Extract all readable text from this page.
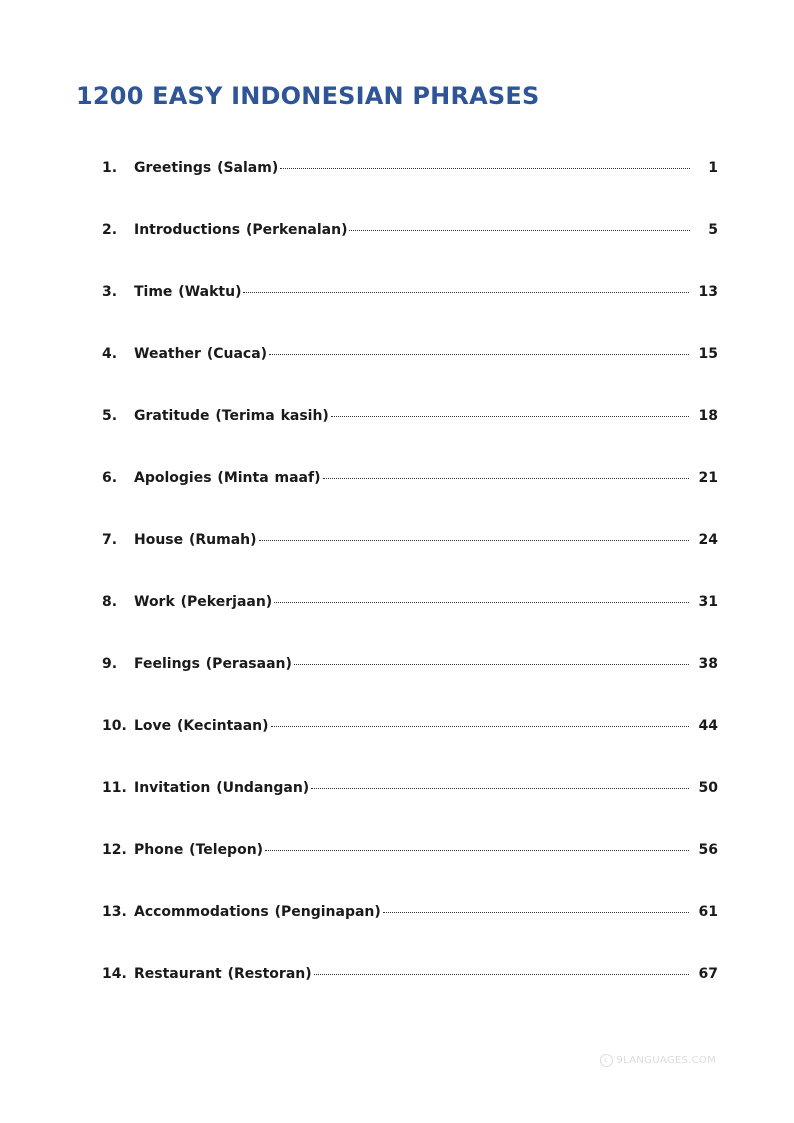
1200 EASY INDONESIAN PHRASES
1.	Greetings (Salam)	1
2.	Introductions (Perkenalan)	5
3.	Time (Waktu)	13
4.	Weather (Cuaca)	15
5.	Gratitude (Terima kasih)	18
6.	Apologies (Minta maaf)	21
7.	House (Rumah)	24
8.	Work (Pekerjaan)	31
9.	Feelings (Perasaan)	38
10. Love (Kecintaan)	44
11. Invitation (Undangan)	50
12. Phone (Telepon)	56
13. Accommodations (Penginapan)	61
14. Restaurant (Restoran)	67
c 9LANGUAGES.COM
